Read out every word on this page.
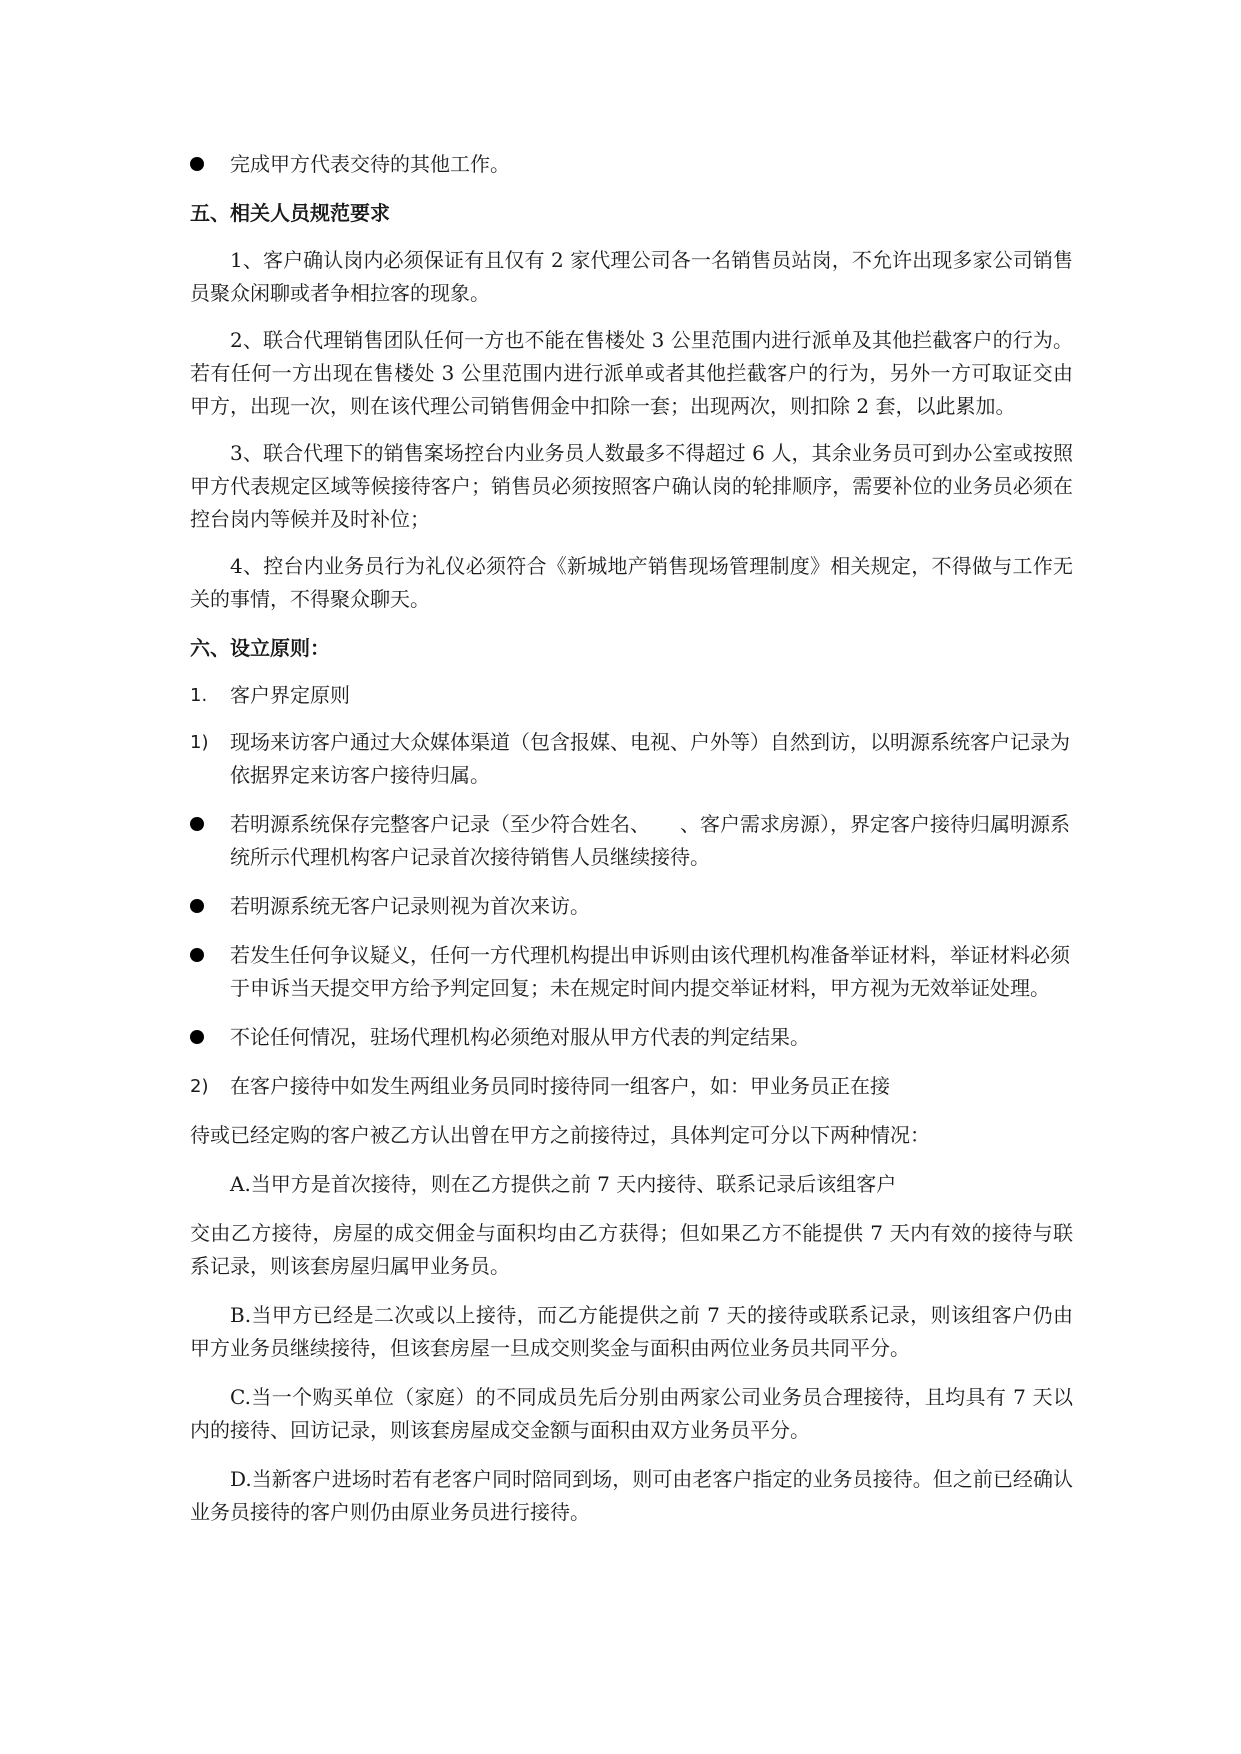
完成甲方代表交待的其他工作。

五、相关人员规范要求

1、客户确认岗内必须保证有且仅有 2 家代理公司各一名销售员站岗，不允许出现多家公司销售员聚众闲聊或者争相拉客的现象。

2、联合代理销售团队任何一方也不能在售楼处 3 公里范围内进行派单及其他拦截客户的行为。若有任何一方出现在售楼处 3 公里范围内进行派单或者其他拦截客户的行为，另外一方可取证交由甲方，出现一次，则在该代理公司销售佣金中扣除一套；出现两次，则扣除 2 套，以此累加。

3、联合代理下的销售案场控台内业务员人数最多不得超过 6 人，其余业务员可到办公室或按照甲方代表规定区域等候接待客户；销售员必须按照客户确认岗的轮排顺序，需要补位的业务员必须在控台岗内等候并及时补位；

4、控台内业务员行为礼仪必须符合《新城地产销售现场管理制度》相关规定，不得做与工作无关的事情，不得聚众聊天。

六、设立原则：

1. 客户界定原则

1) 现场来访客户通过大众媒体渠道（包含报媒、电视、户外等）自然到访，以明源系统客户记录为依据界定来访客户接待归属。

若明源系统保存完整客户记录（至少符合姓名、　　、客户需求房源），界定客户接待归属明源系统所示代理机构客户记录首次接待销售人员继续接待。

若明源系统无客户记录则视为首次来访。

若发生任何争议疑义，任何一方代理机构提出申诉则由该代理机构准备举证材料，举证材料必须于申诉当天提交甲方给予判定回复；未在规定时间内提交举证材料，甲方视为无效举证处理。

不论任何情况，驻场代理机构必须绝对服从甲方代表的判定结果。

2) 在客户接待中如发生两组业务员同时接待同一组客户，如：甲业务员正在接

待或已经定购的客户被乙方认出曾在甲方之前接待过，具体判定可分以下两种情况：

A.当甲方是首次接待，则在乙方提供之前 7 天内接待、联系记录后该组客户

交由乙方接待，房屋的成交佣金与面积均由乙方获得；但如果乙方不能提供 7 天内有效的接待与联系记录，则该套房屋归属甲业务员。

B.当甲方已经是二次或以上接待，而乙方能提供之前 7 天的接待或联系记录，则该组客户仍由甲方业务员继续接待，但该套房屋一旦成交则奖金与面积由两位业务员共同平分。

C.当一个购买单位（家庭）的不同成员先后分别由两家公司业务员合理接待，且均具有 7 天以内的接待、回访记录，则该套房屋成交金额与面积由双方业务员平分。

D.当新客户进场时若有老客户同时陪同到场，则可由老客户指定的业务员接待。但之前已经确认业务员接待的客户则仍由原业务员进行接待。
